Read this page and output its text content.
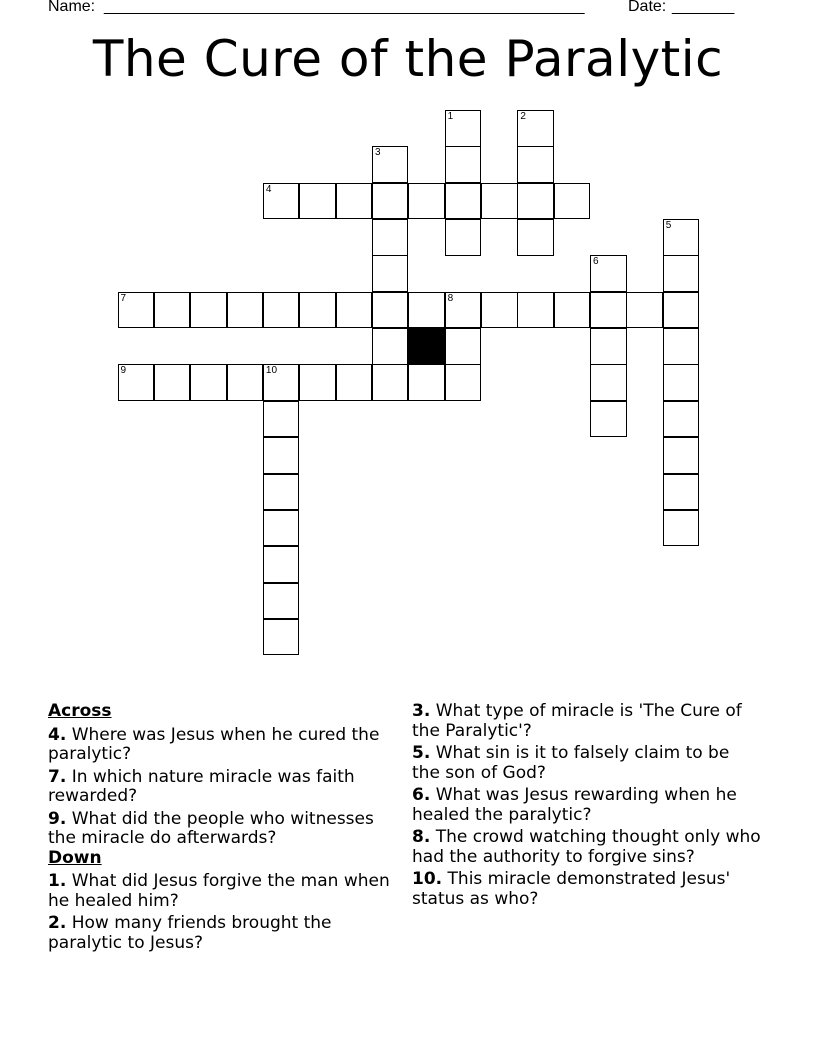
Name: ______________________________________________________	Date: _______
The Cure of the Paralytic
1	2
3
4
5
6
7	8
9	10
Across
4. Where was Jesus when he cured the paralytic?
7. In which nature miracle was faith rewarded?
9. What did the people who witnesses the miracle do afterwards?
Down
1. What did Jesus forgive the man when he healed him?
2. How many friends brought the paralytic to Jesus?
3. What type of miracle is 'The Cure of the Paralytic'?
5. What sin is it to falsely claim to be the son of God?
6. What was Jesus rewarding when he healed the paralytic?
8. The crowd watching thought only who had the authority to forgive sins?
10. This miracle demonstrated Jesus' status as who?
